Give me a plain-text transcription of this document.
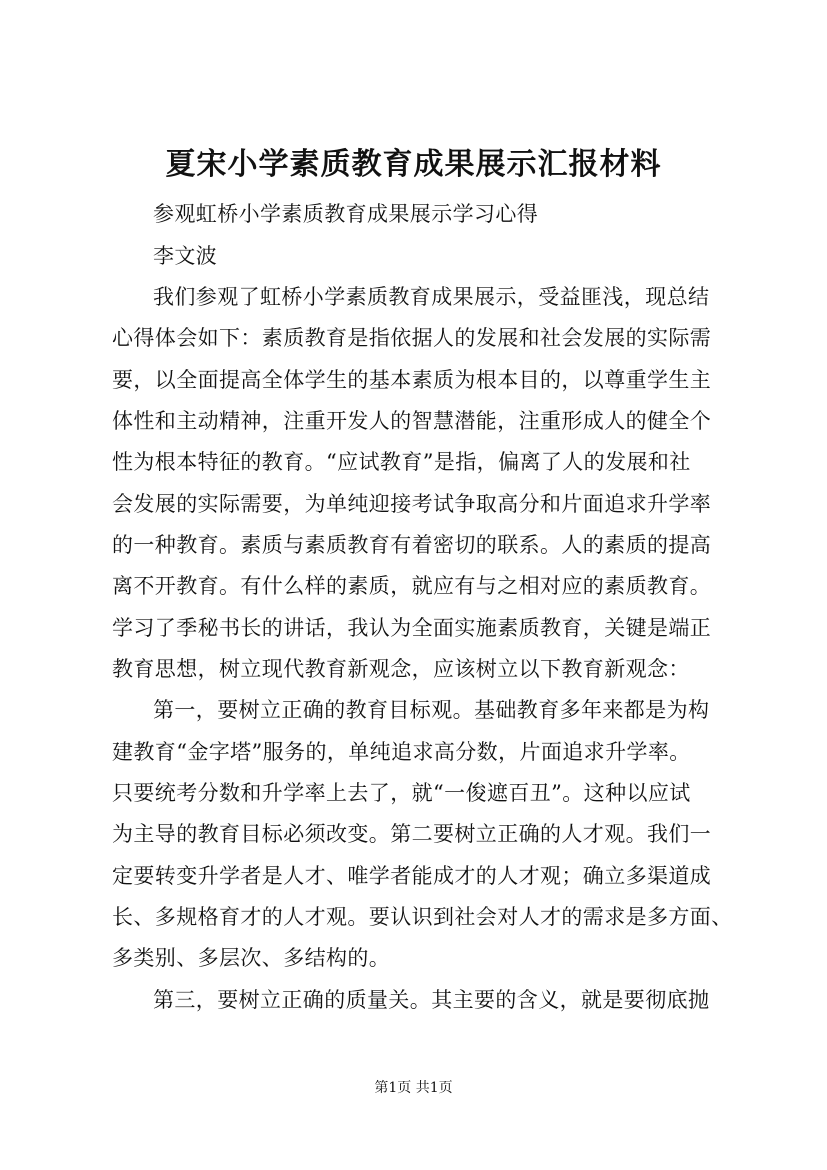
夏宋小学素质教育成果展示汇报材料
参观虹桥小学素质教育成果展示学习心得
李文波
我们参观了虹桥小学素质教育成果展示，受益匪浅，现总结
心得体会如下：素质教育是指依据人的发展和社会发展的实际需
要，以全面提高全体学生的基本素质为根本目的，以尊重学生主
体性和主动精神，注重开发人的智慧潜能，注重形成人的健全个
性为根本特征的教育。“应试教育”是指，偏离了人的发展和社
会发展的实际需要，为单纯迎接考试争取高分和片面追求升学率
的一种教育。素质与素质教育有着密切的联系。人的素质的提高
离不开教育。有什么样的素质，就应有与之相对应的素质教育。
学习了季秘书长的讲话，我认为全面实施素质教育，关键是端正
教育思想，树立现代教育新观念，应该树立以下教育新观念：
第一，要树立正确的教育目标观。基础教育多年来都是为构
建教育“金字塔”服务的，单纯追求高分数，片面追求升学率。
只要统考分数和升学率上去了，就“一俊遮百丑”。这种以应试
为主导的教育目标必须改变。第二要树立正确的人才观。我们一
定要转变升学者是人才、唯学者能成才的人才观；确立多渠道成
长、多规格育才的人才观。要认识到社会对人才的需求是多方面、
多类别、多层次、多结构的。
第三，要树立正确的质量关。其主要的含义，就是要彻底抛
第1页 共1页
